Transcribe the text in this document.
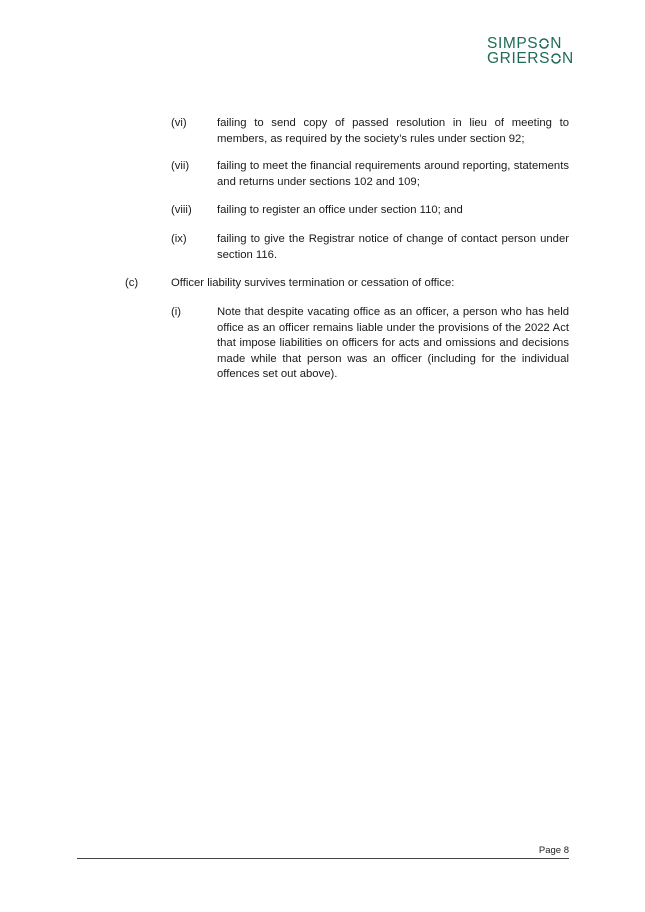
SIMPS N
GRIERS N
(vi)	failing to send copy of passed resolution in lieu of meeting to members, as required by the society’s rules under section 92;
(vii) failing to meet the financial requirements around reporting, statements and returns under sections 102 and 109;
(viii) failing to register an office under section 110; and
(ix)	failing to give the Registrar notice of change of contact person under section 116.
(c)	Officer liability survives termination or cessation of office:
(i)	Note that despite vacating office as an officer, a person who has held office as an officer remains liable under the provisions of the 2022 Act that impose liabilities on officers for acts and omissions and decisions made while that person was an officer (including for the individual offences set out above).
Page 8
